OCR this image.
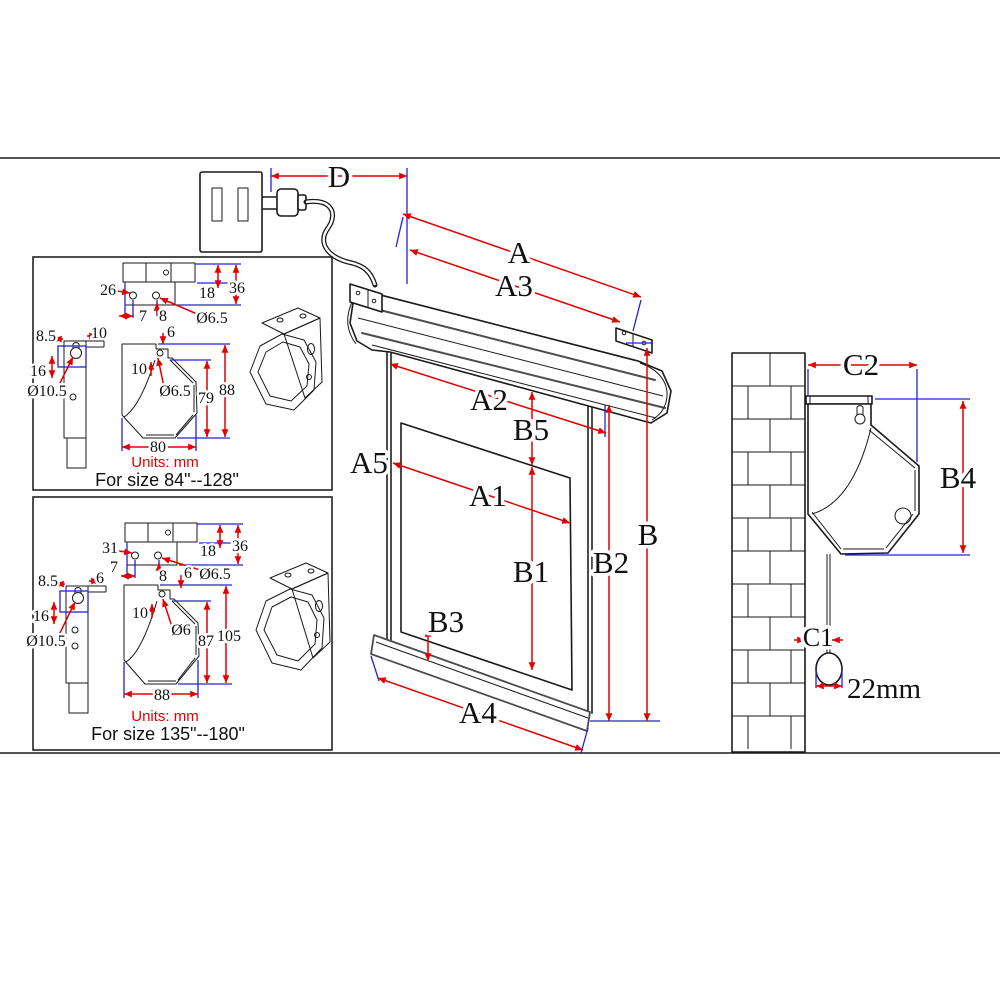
D
A
A3
A2
A5
A1
B5
B1 B2
B
B3
A4
C2
B4
C1
22mm
26	18 36
7 8 Ø6.5
8.5 10
16
Ø10.5
6
10
Ø6.5 79 88
80
Units: mm
For size 84"--128"
31	18 36
7
8 Ø6.5
8.5 6
16
Ø10.5
6
10
Ø6
87 105
88
Units: mm
For size 135"--180"
